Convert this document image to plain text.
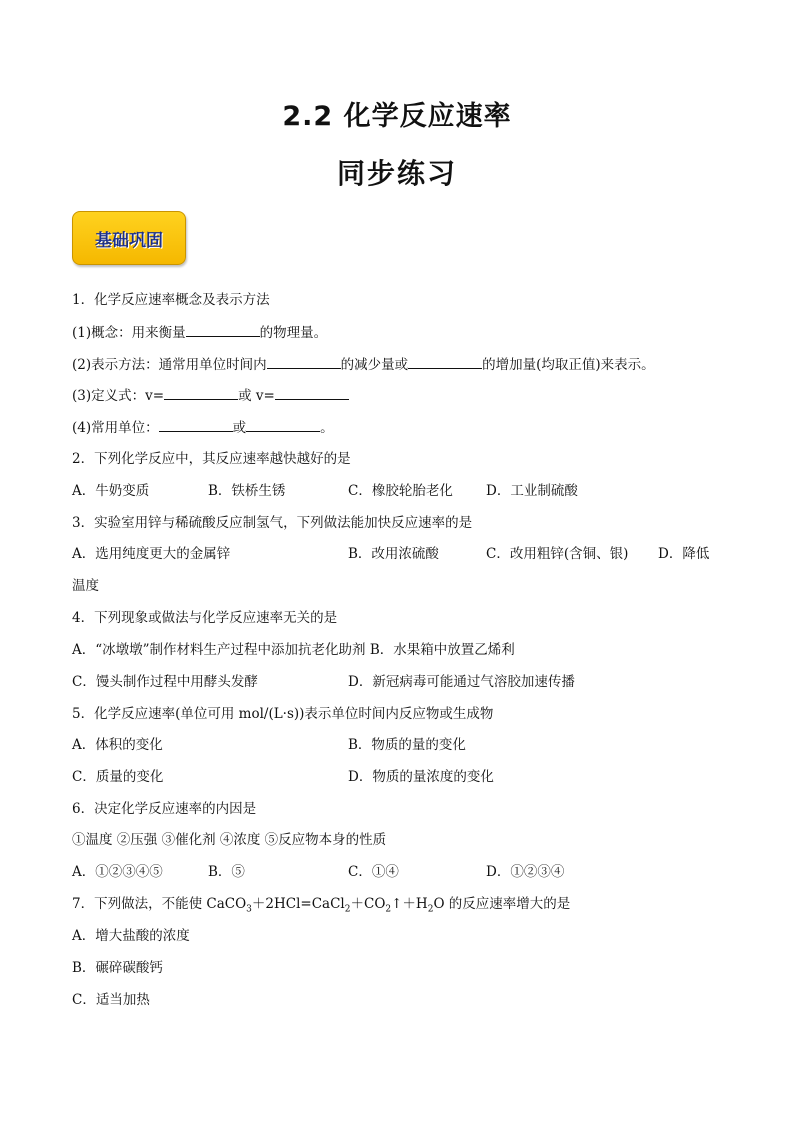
2.2 化学反应速率
同步练习
基础巩固
1．化学反应速率概念及表示方法
(1)概念：用来衡量	的物理量。
(2)表示方法：通常用单位时间内	的减少量或	的增加量(均取正值)来表示。
(3)定义式：v=	或 v=
(4)常用单位：	或	。
2．下列化学反应中，其反应速率越快越好的是
A．牛奶变质	B．铁桥生锈	C．橡胶轮胎老化 D．工业制硫酸
3．实验室用锌与稀硫酸反应制氢气，下列做法能加快反应速率的是
A．选用纯度更大的金属锌	B．改用浓硫酸	C．改用粗锌(含铜、银) D．降低
温度
4．下列现象或做法与化学反应速率无关的是
A．“冰墩墩”制作材料生产过程中添加抗老化助剂 B．水果箱中放置乙烯利
C．馒头制作过程中用酵头发酵	D．新冠病毒可能通过气溶胶加速传播
5．化学反应速率(单位可用 mol/(L·s))表示单位时间内反应物或生成物
A．体积的变化	B．物质的量的变化
C．质量的变化	D．物质的量浓度的变化
6．决定化学反应速率的内因是
①温度 ②压强 ③催化剂 ④浓度 ⑤反应物本身的性质
A．①②③④⑤	B．⑤	C．①④	D．①②③④
7．下列做法，不能使 $CaCO_3+2HCl=CaCl_2+CO_2↑+H_2O$ 的反应速率增大的是
A．增大盐酸的浓度
B．碾碎碳酸钙
C．适当加热
